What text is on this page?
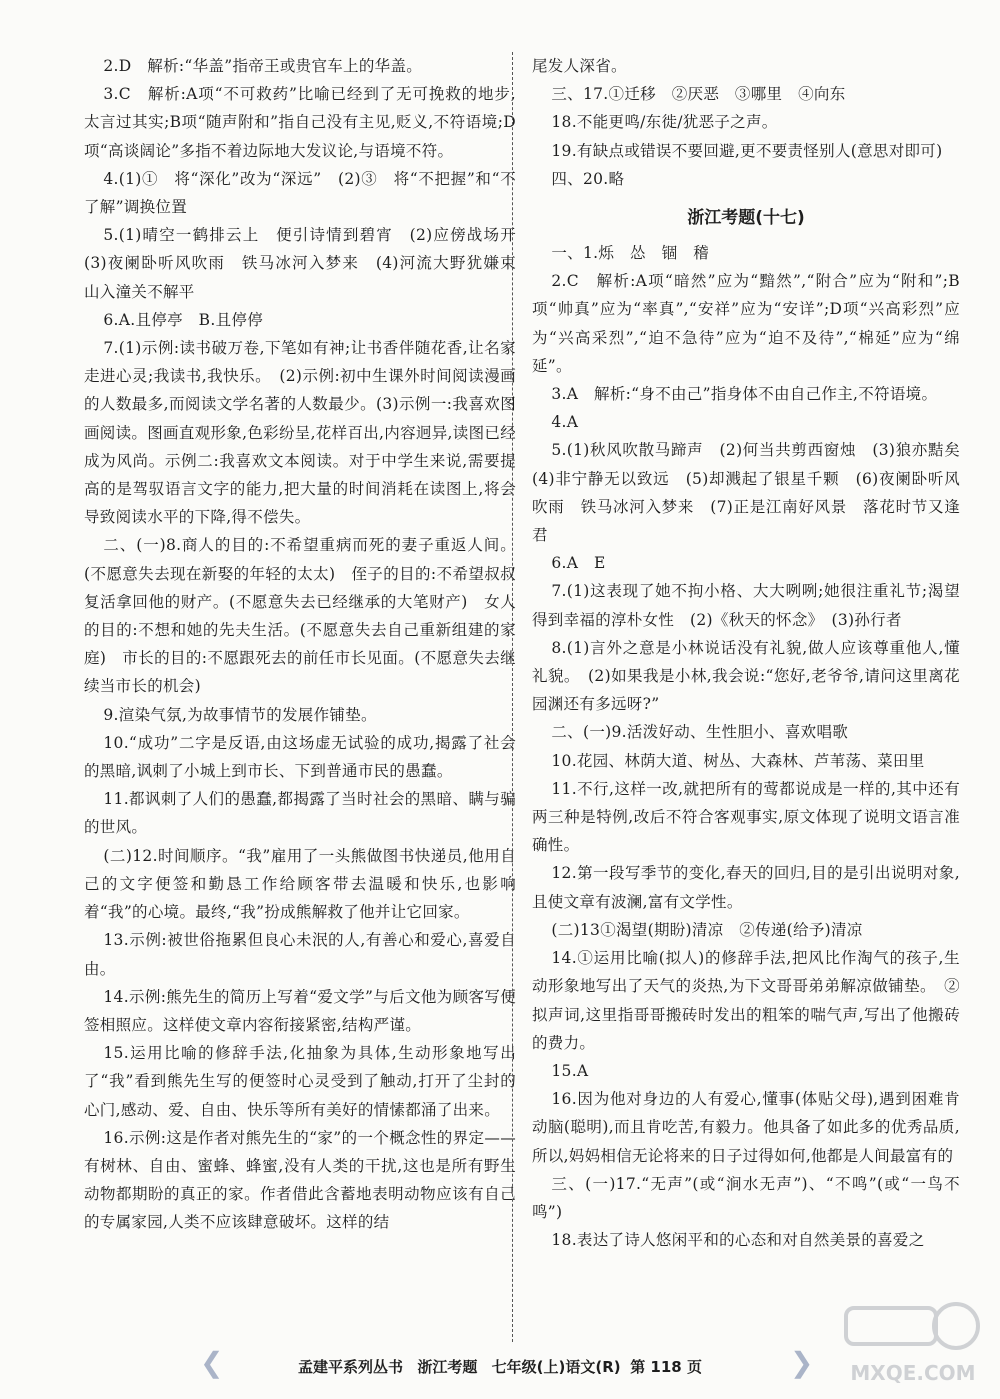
2.D　解析:“华盖”指帝王或贵官车上的华盖。

3.C　解析:A项“不可救药”比喻已经到了无可挽救的地步,太言过其实;B项“随声附和”指自己没有主见,贬义,不符语境;D项“高谈阔论”多指不着边际地大发议论,与语境不符。

4.(1)①　将“深化”改为“深远”　(2)③　将“不把握”和“不了解”调换位置

5.(1)晴空一鹤排云上　便引诗情到碧宵　(2)应傍战场开　(3)夜阑卧听风吹雨　铁马冰河入梦来　(4)河流大野犹嫌束　山入潼关不解平

6.A.且停亭　B.且停停

7.(1)示例:读书破万卷,下笔如有神;让书香伴随花香,让名家走进心灵;我读书,我快乐。　(2)示例:初中生课外时间阅读漫画的人数最多,而阅读文学名著的人数最少。(3)示例一:我喜欢图画阅读。图画直观形象,色彩纷呈,花样百出,内容迥异,读图已经成为风尚。示例二:我喜欢文本阅读。对于中学生来说,需要提高的是驾驭语言文字的能力,把大量的时间消耗在读图上,将会导致阅读水平的下降,得不偿失。

二、(一)8.商人的目的:不希望重病而死的妻子重返人间。(不愿意失去现在新娶的年轻的太太)　侄子的目的:不希望叔叔复活拿回他的财产。(不愿意失去已经继承的大笔财产)　女人的目的:不想和她的先夫生活。(不愿意失去自己重新组建的家庭)　市长的目的:不愿跟死去的前任市长见面。(不愿意失去继续当市长的机会)

9.渲染气氛,为故事情节的发展作铺垫。

10.“成功”二字是反语,由这场虚无试验的成功,揭露了社会的黑暗,讽刺了小城上到市长、下到普通市民的愚蠢。

11.都讽刺了人们的愚蠢,都揭露了当时社会的黑暗、瞒与骗的世风。

(二)12.时间顺序。“我”雇用了一头熊做图书快递员,他用自己的文字便签和勤恳工作给顾客带去温暖和快乐,也影响着“我”的心境。最终,“我”扮成熊解救了他并让它回家。

13.示例:被世俗拖累但良心未泯的人,有善心和爱心,喜爱自由。

14.示例:熊先生的简历上写着“爱文学”与后文他为顾客写便签相照应。这样使文章内容衔接紧密,结构严谨。

15.运用比喻的修辞手法,化抽象为具体,生动形象地写出了“我”看到熊先生写的便签时心灵受到了触动,打开了尘封的心门,感动、爱、自由、快乐等所有美好的情愫都涌了出来。

16.示例:这是作者对熊先生的“家”的一个概念性的界定——有树林、自由、蜜蜂、蜂蜜,没有人类的干扰,这也是所有野生动物都期盼的真正的家。作者借此含蓄地表明动物应该有自己的专属家园,人类不应该肆意破坏。这样的结

尾发人深省。

三、17.①迁移　②厌恶　③哪里　④向东

18.不能更鸣/东徙/犹恶子之声。

19.有缺点或错误不要回避,更不要责怪别人(意思对即可)

四、20.略

浙江考题(十七)

一、1.烁　怂　锢　稽

2.C　解析:A项“暗然”应为“黯然”,“附合”应为“附和”;B项“帅真”应为“率真”,“安祥”应为“安详”;D项“兴高彩烈”应为“兴高采烈”,“迫不急待”应为“迫不及待”,“棉延”应为“绵延”。

3.A　解析:“身不由己”指身体不由自己作主,不符语境。

4.A

5.(1)秋风吹散马蹄声　(2)何当共剪西窗烛　(3)狼亦黠矣　(4)非宁静无以致远　(5)却溅起了银星千颗　(6)夜阑卧听风吹雨　铁马冰河入梦来　(7)正是江南好风景　落花时节又逢君

6.A　E

7.(1)这表现了她不拘小格、大大咧咧;她很注重礼节;渴望得到幸福的淳朴女性　(2)《秋天的怀念》　(3)孙行者

8.(1)言外之意是小林说话没有礼貌,做人应该尊重他人,懂礼貌。　(2)如果我是小林,我会说:“您好,老爷爷,请问这里离花园渊还有多远呀?”

二、(一)9.活泼好动、生性胆小、喜欢唱歌

10.花园、林荫大道、树丛、大森林、芦苇荡、菜田里

11.不行,这样一改,就把所有的莺都说成是一样的,其中还有两三种是特例,改后不符合客观事实,原文体现了说明文语言准确性。

12.第一段写季节的变化,春天的回归,目的是引出说明对象,且使文章有波澜,富有文学性。

(二)13①渴望(期盼)清凉　②传递(给予)清凉

14.①运用比喻(拟人)的修辞手法,把风比作淘气的孩子,生动形象地写出了天气的炎热,为下文哥哥弟弟解凉做铺垫。　②拟声词,这里指哥哥搬砖时发出的粗笨的喘气声,写出了他搬砖的费力。

15.A

16.因为他对身边的人有爱心,懂事(体贴父母),遇到困难肯动脑(聪明),而且肯吃苦,有毅力。他具备了如此多的优秀品质,所以,妈妈相信无论将来的日子过得如何,他都是人间最富有的

三、(一)17.“无声”(或“涧水无声”)、“不鸣”(或“一鸟不鸣”)

18.表达了诗人悠闲平和的心态和对自然美景的喜爱之

❮	❯
孟建平系列丛书 浙江考题 七年级(上)语文(R) 第 118 页	MXQE.COM
